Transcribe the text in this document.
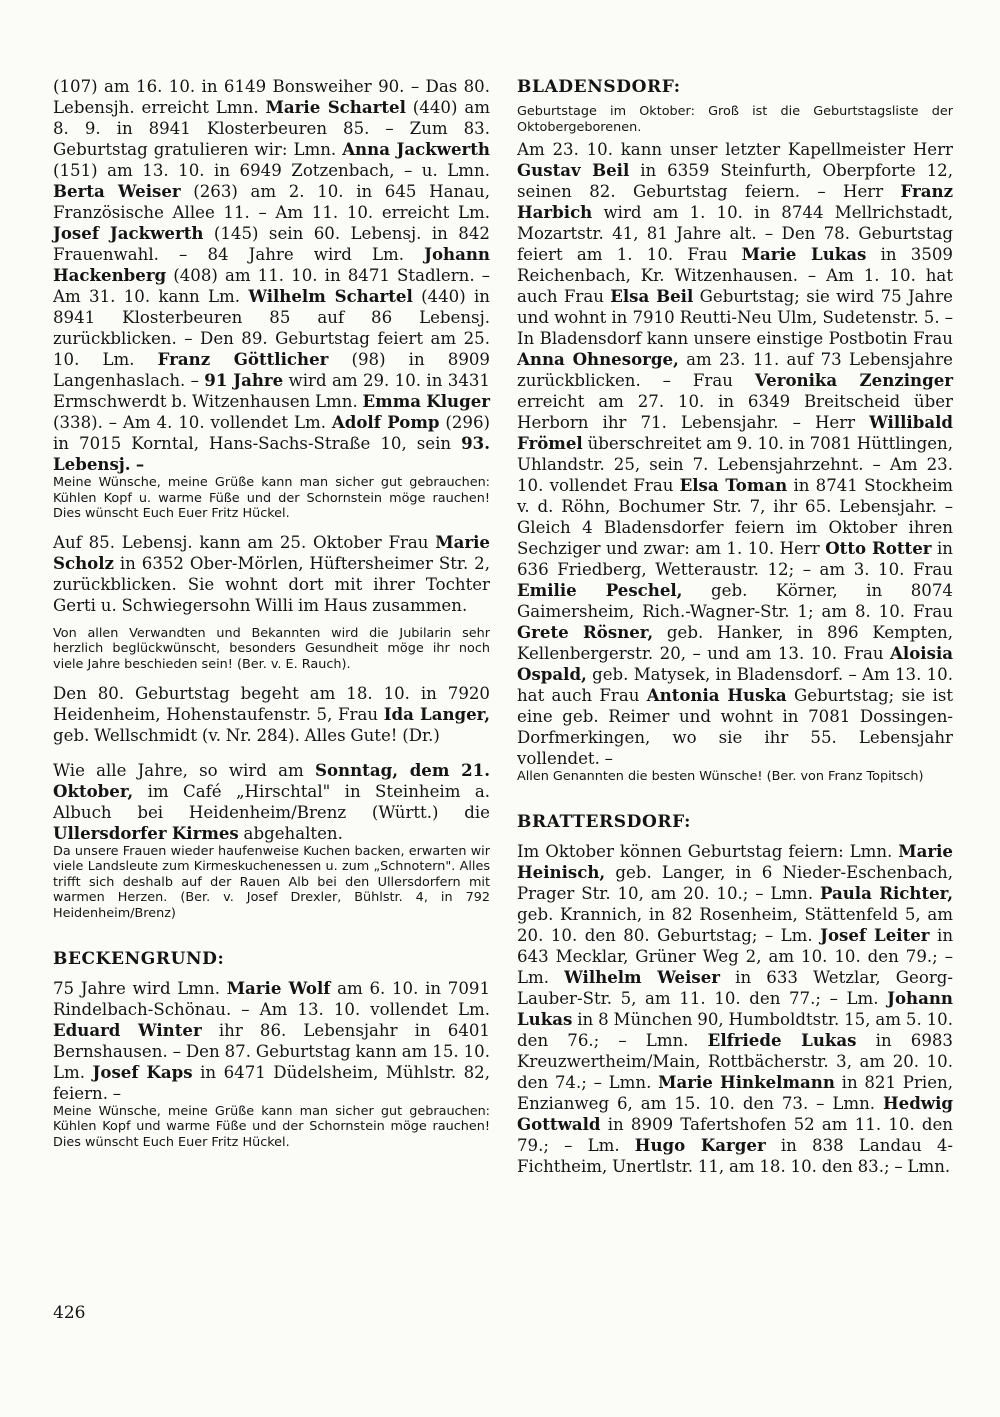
(107) am 16. 10. in 6149 Bonsweiher 90. – Das 80. Lebensjh. erreicht Lmn. Marie Schartel (440) am 8. 9. in 8941 Klosterbeuren 85. – Zum 83. Geburtstag gratulieren wir: Lmn. Anna Jackwerth (151) am 13. 10. in 6949 Zotzenbach, – u. Lmn. Berta Weiser (263) am 2. 10. in 645 Hanau, Französische Allee 11. – Am 11. 10. erreicht Lm. Josef Jackwerth (145) sein 60. Lebensj. in 842 Frauenwahl. – 84 Jahre wird Lm. Johann Hackenberg (408) am 11. 10. in 8471 Stadlern. – Am 31. 10. kann Lm. Wilhelm Schartel (440) in 8941 Klosterbeuren 85 auf 86 Lebensj. zurückblicken. – Den 89. Geburtstag feiert am 25. 10. Lm. Franz Göttlicher (98) in 8909 Langenhaslach. – 91 Jahre wird am 29. 10. in 3431 Ermschwerdt b. Witzenhausen Lmn. Emma Kluger (338). – Am 4. 10. vollendet Lm. Adolf Pomp (296) in 7015 Korntal, Hans-Sachs-Straße 10, sein 93. Lebensj. –

Meine Wünsche, meine Grüße kann man sicher gut gebrauchen: Kühlen Kopf u. warme Füße und der Schornstein möge rauchen! Dies wünscht Euch Euer Fritz Hückel.

Auf 85. Lebensj. kann am 25. Oktober Frau Marie Scholz in 6352 Ober-Mörlen, Hüftersheimer Str. 2, zurückblicken. Sie wohnt dort mit ihrer Tochter Gerti u. Schwiegersohn Willi im Haus zusammen.

Von allen Verwandten und Bekannten wird die Jubilarin sehr herzlich beglückwünscht, besonders Gesundheit möge ihr noch viele Jahre beschieden sein! (Ber. v. E. Rauch).

Den 80. Geburtstag begeht am 18. 10. in 7920 Heidenheim, Hohenstaufenstr. 5, Frau Ida Langer, geb. Wellschmidt (v. Nr. 284). Alles Gute! (Dr.)

Wie alle Jahre, so wird am Sonntag, dem 21. Oktober, im Café „Hirschtal" in Steinheim a. Albuch bei Heidenheim/Brenz (Württ.) die Ullersdorfer Kirmes abgehalten.

Da unsere Frauen wieder haufenweise Kuchen backen, erwarten wir viele Landsleute zum Kirmeskuchenessen u. zum „Schnotern". Alles trifft sich deshalb auf der Rauen Alb bei den Ullersdorfern mit warmen Herzen. (Ber. v. Josef Drexler, Bühlstr. 4, in 792 Heidenheim/Brenz)

BECKENGRUND:

75 Jahre wird Lmn. Marie Wolf am 6. 10. in 7091 Rindelbach-Schönau. – Am 13. 10. vollendet Lm. Eduard Winter ihr 86. Lebensjahr in 6401 Bernshausen. – Den 87. Geburtstag kann am 15. 10. Lm. Josef Kaps in 6471 Düdelsheim, Mühlstr. 82, feiern. –

Meine Wünsche, meine Grüße kann man sicher gut gebrauchen: Kühlen Kopf und warme Füße und der Schornstein möge rauchen! Dies wünscht Euch Euer Fritz Hückel.

BLADENSDORF:

Geburtstage im Oktober: Groß ist die Geburtstagsliste der Oktobergeborenen.

Am 23. 10. kann unser letzter Kapellmeister Herr Gustav Beil in 6359 Steinfurth, Oberpforte 12, seinen 82. Geburtstag feiern. – Herr Franz Harbich wird am 1. 10. in 8744 Mellrichstadt, Mozartstr. 41, 81 Jahre alt. – Den 78. Geburtstag feiert am 1. 10. Frau Marie Lukas in 3509 Reichenbach, Kr. Witzenhausen. – Am 1. 10. hat auch Frau Elsa Beil Geburtstag; sie wird 75 Jahre und wohnt in 7910 Reutti-Neu Ulm, Sudetenstr. 5. – In Bladensdorf kann unsere einstige Postbotin Frau Anna Ohnesorge, am 23. 11. auf 73 Lebensjahre zurückblicken. – Frau Veronika Zenzinger erreicht am 27. 10. in 6349 Breitscheid über Herborn ihr 71. Lebensjahr. – Herr Willibald Frömel überschreitet am 9. 10. in 7081 Hüttlingen, Uhlandstr. 25, sein 7. Lebensjahrzehnt. – Am 23. 10. vollendet Frau Elsa Toman in 8741 Stockheim v. d. Röhn, Bochumer Str. 7, ihr 65. Lebensjahr. – Gleich 4 Bladensdorfer feiern im Oktober ihren Sechziger und zwar: am 1. 10. Herr Otto Rotter in 636 Friedberg, Wetteraustr. 12; – am 3. 10. Frau Emilie Peschel, geb. Körner, in 8074 Gaimersheim, Rich.-Wagner-Str. 1; am 8. 10. Frau Grete Rösner, geb. Hanker, in 896 Kempten, Kellenbergerstr. 20, – und am 13. 10. Frau Aloisia Ospald, geb. Matysek, in Bladensdorf. – Am 13. 10. hat auch Frau Antonia Huska Geburtstag; sie ist eine geb. Reimer und wohnt in 7081 Dossingen-Dorfmerkingen, wo sie ihr 55. Lebensjahr vollendet. –

Allen Genannten die besten Wünsche! (Ber. von Franz Topitsch)

BRATTERSDORF:

Im Oktober können Geburtstag feiern: Lmn. Marie Heinisch, geb. Langer, in 6 Nieder-Eschenbach, Prager Str. 10, am 20. 10.; – Lmn. Paula Richter, geb. Krannich, in 82 Rosenheim, Stättenfeld 5, am 20. 10. den 80. Geburtstag; – Lm. Josef Leiter in 643 Mecklar, Grüner Weg 2, am 10. 10. den 79.; – Lm. Wilhelm Weiser in 633 Wetzlar, Georg-Lauber-Str. 5, am 11. 10. den 77.; – Lm. Johann Lukas in 8 München 90, Humboldtstr. 15, am 5. 10. den 76.; – Lmn. Elfriede Lukas in 6983 Kreuzwertheim/Main, Rottbächerstr. 3, am 20. 10. den 74.; – Lmn. Marie Hinkelmann in 821 Prien, Enzianweg 6, am 15. 10. den 73. – Lmn. Hedwig Gottwald in 8909 Tafertshofen 52 am 11. 10. den 79.; – Lm. Hugo Karger in 838 Landau 4-Fichtheim, Unertlstr. 11, am 18. 10. den 83.; – Lmn.

426
